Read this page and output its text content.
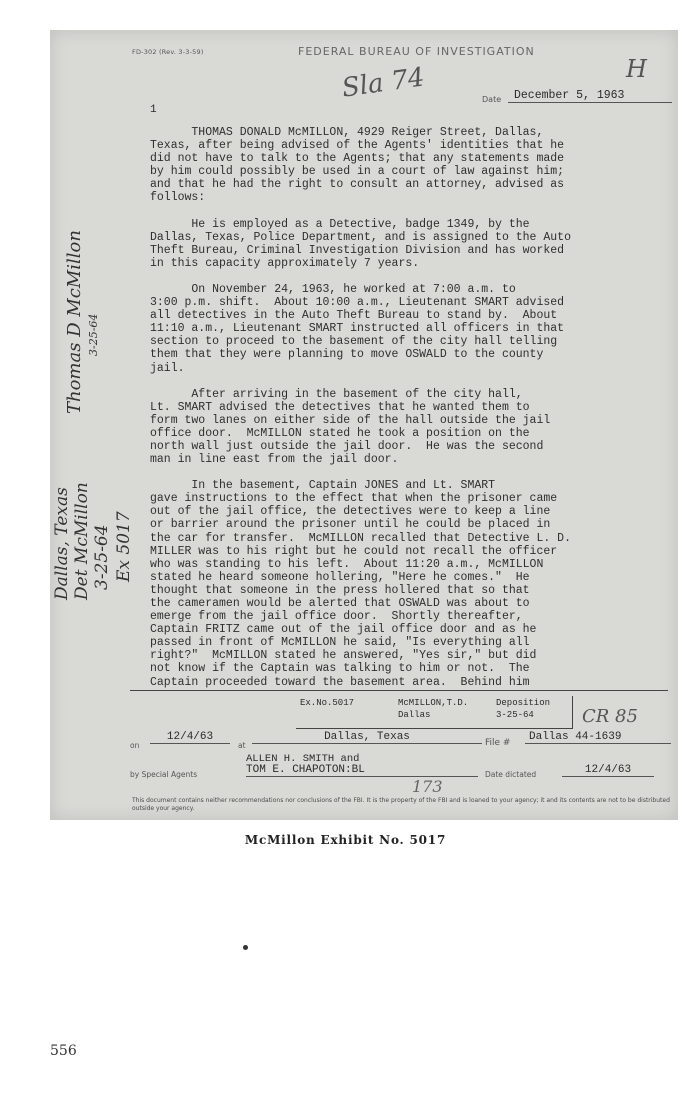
FD-302 (Rev. 3-3-59)	FEDERAL BUREAU OF INVESTIGATION
Sla 74	H
1
Date	December 5, 1963

THOMAS DONALD McMILLON, 4929 Reiger Street, Dallas,
Texas, after being advised of the Agents' identities that he
did not have to talk to the Agents; that any statements made
by him could possibly be used in a court of law against him;
and that he had the right to consult an attorney, advised as
follows:

He is employed as a Detective, badge 1349, by the
Dallas, Texas, Police Department, and is assigned to the Auto
Theft Bureau, Criminal Investigation Division and has worked
in this capacity approximately 7 years.

On November 24, 1963, he worked at 7:00 a.m. to
3:00 p.m. shift.  About 10:00 a.m., Lieutenant SMART advised
all detectives in the Auto Theft Bureau to stand by.  About
11:10 a.m., Lieutenant SMART instructed all officers in that
section to proceed to the basement of the city hall telling
them that they were planning to move OSWALD to the county
jail.

After arriving in the basement of the city hall,
Lt. SMART advised the detectives that he wanted them to
form two lanes on either side of the hall outside the jail
office door.  McMILLON stated he took a position on the
north wall just outside the jail door.  He was the second
man in line east from the jail door.

In the basement, Captain JONES and Lt. SMART
gave instructions to the effect that when the prisoner came
out of the jail office, the detectives were to keep a line
or barrier around the prisoner until he could be placed in
the car for transfer.  McMILLON recalled that Detective L. D.
MILLER was to his right but he could not recall the officer
who was standing to his left.  About 11:20 a.m., McMILLON
stated he heard someone hollering, "Here he comes."  He
thought that someone in the press hollered that so that
the cameramen would be alerted that OSWALD was about to
emerge from the jail office door.  Shortly thereafter,
Captain FRITZ came out of the jail office door and as he
passed in front of McMILLON he said, "Is everything all
right?"  McMILLON stated he answered, "Yes sir," but did
not know if the Captain was talking to him or not.  The
Captain proceeded toward the basement area.  Behind him

Thomas D McMillon 3-25-64
Dallas, Texas Det McMillon 3-25-64 Ex 5017
Ex.No.5017	McMILLON,T.D.	Deposition
Dallas	3-25-64	CR 85
on
12/4/63
at
Dallas, Texas	File #	Dallas 44-1639
by Special Agents
ALLEN H. SMITH and
TOM E. CHAPOTON:BL
173
Date dictated	12/4/63
This document contains neither recommendations nor conclusions of the FBI. It is the property of the FBI and is loaned to your agency; it and its contents are not to be distributed outside your agency.
McMillon Exhibit No. 5017
556
